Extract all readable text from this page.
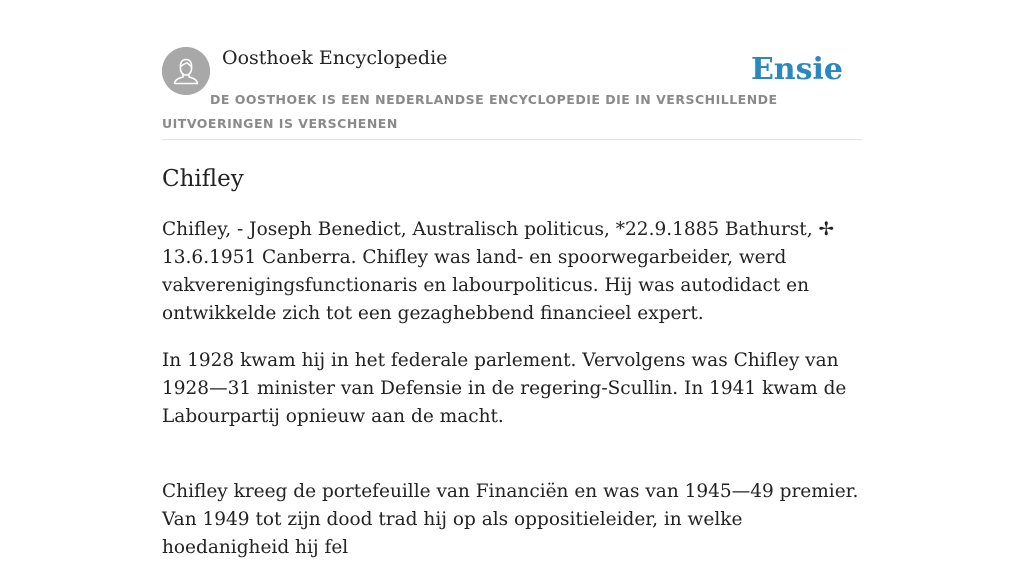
Oosthoek Encyclopedie	Ensie
DE OOSTHOEK IS EEN NEDERLANDSE ENCYCLOPEDIE DIE IN VERSCHILLENDE UITVOERINGEN IS VERSCHENEN
Chifley

Chifley, - Joseph Benedict, Australisch politicus, *22.9.1885 Bathurst, ✢ 13.6.1951 Canberra. Chifley was land- en spoorwegarbeider, werd vakverenigingsfunctionaris en labourpoliticus. Hij was autodidact en ontwikkelde zich tot een gezaghebbend financieel expert.

In 1928 kwam hij in het federale parlement. Vervolgens was Chifley van 1928—31 minister van Defensie in de regering-Scullin. In 1941 kwam de Labourpartij opnieuw aan de macht.

Chifley kreeg de portefeuille van Financiën en was van 1945—49 premier. Van 1949 tot zijn dood trad hij op als oppositieleider, in welke hoedanigheid hij fel
